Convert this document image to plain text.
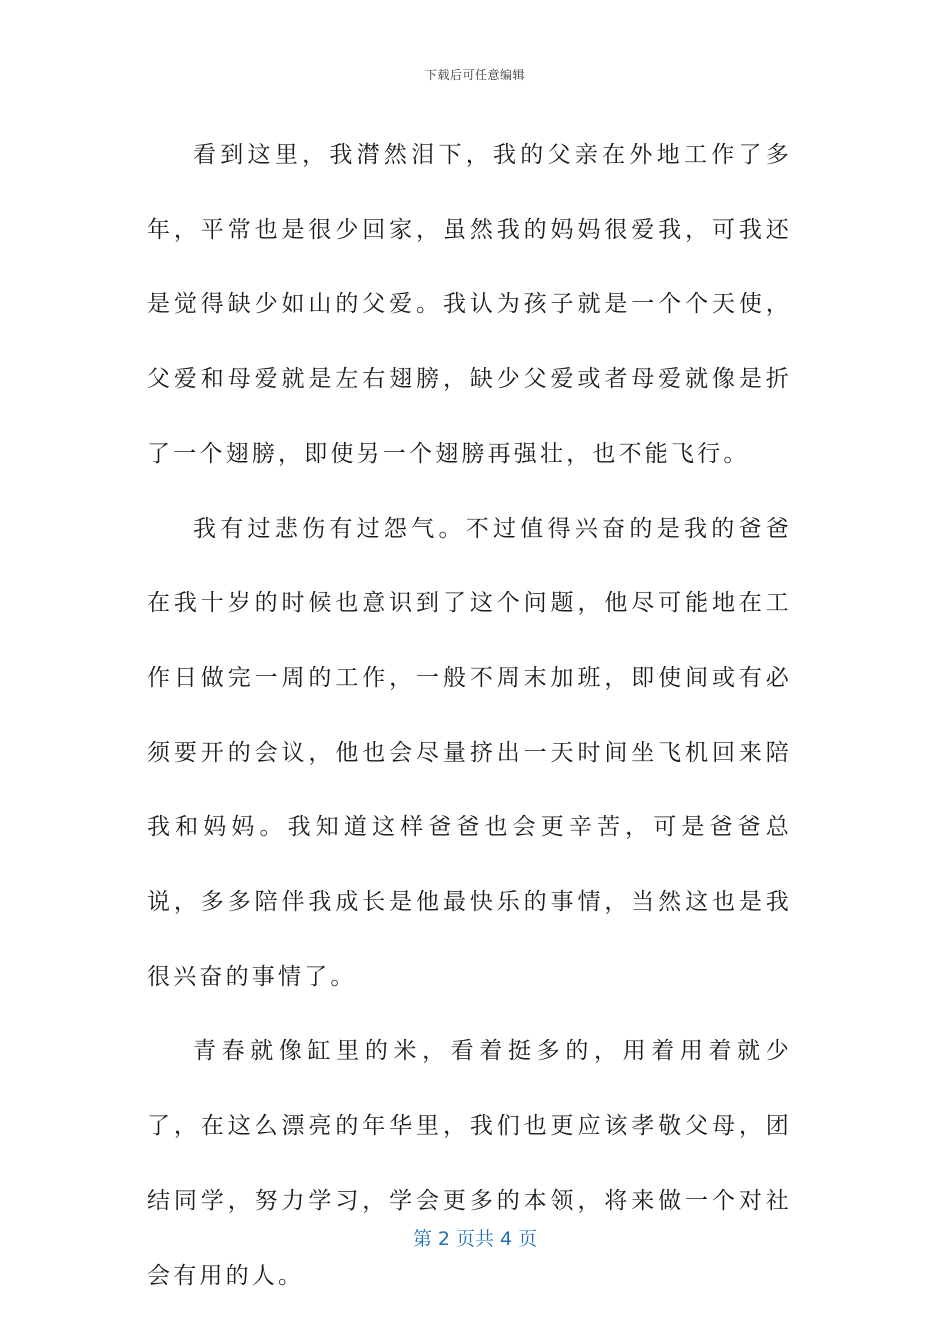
下载后可任意编辑

看到这里，我潸然泪下，我的父亲在外地工作了多年，平常也是很少回家，虽然我的妈妈很爱我，可我还是觉得缺少如山的父爱。我认为孩子就是一个个天使，父爱和母爱就是左右翅膀，缺少父爱或者母爱就像是折了一个翅膀，即使另一个翅膀再强壮，也不能飞行。

我有过悲伤有过怨气。不过值得兴奋的是我的爸爸在我十岁的时候也意识到了这个问题，他尽可能地在工作日做完一周的工作，一般不周末加班，即使间或有必须要开的会议，他也会尽量挤出一天时间坐飞机回来陪我和妈妈。我知道这样爸爸也会更辛苦，可是爸爸总说，多多陪伴我成长是他最快乐的事情，当然这也是我很兴奋的事情了。

青春就像缸里的米，看着挺多的，用着用着就少了，在这么漂亮的年华里，我们也更应该孝敬父母，团结同学，努力学习，学会更多的本领，将来做一个对社会有用的人。

第 2 页共 4 页
